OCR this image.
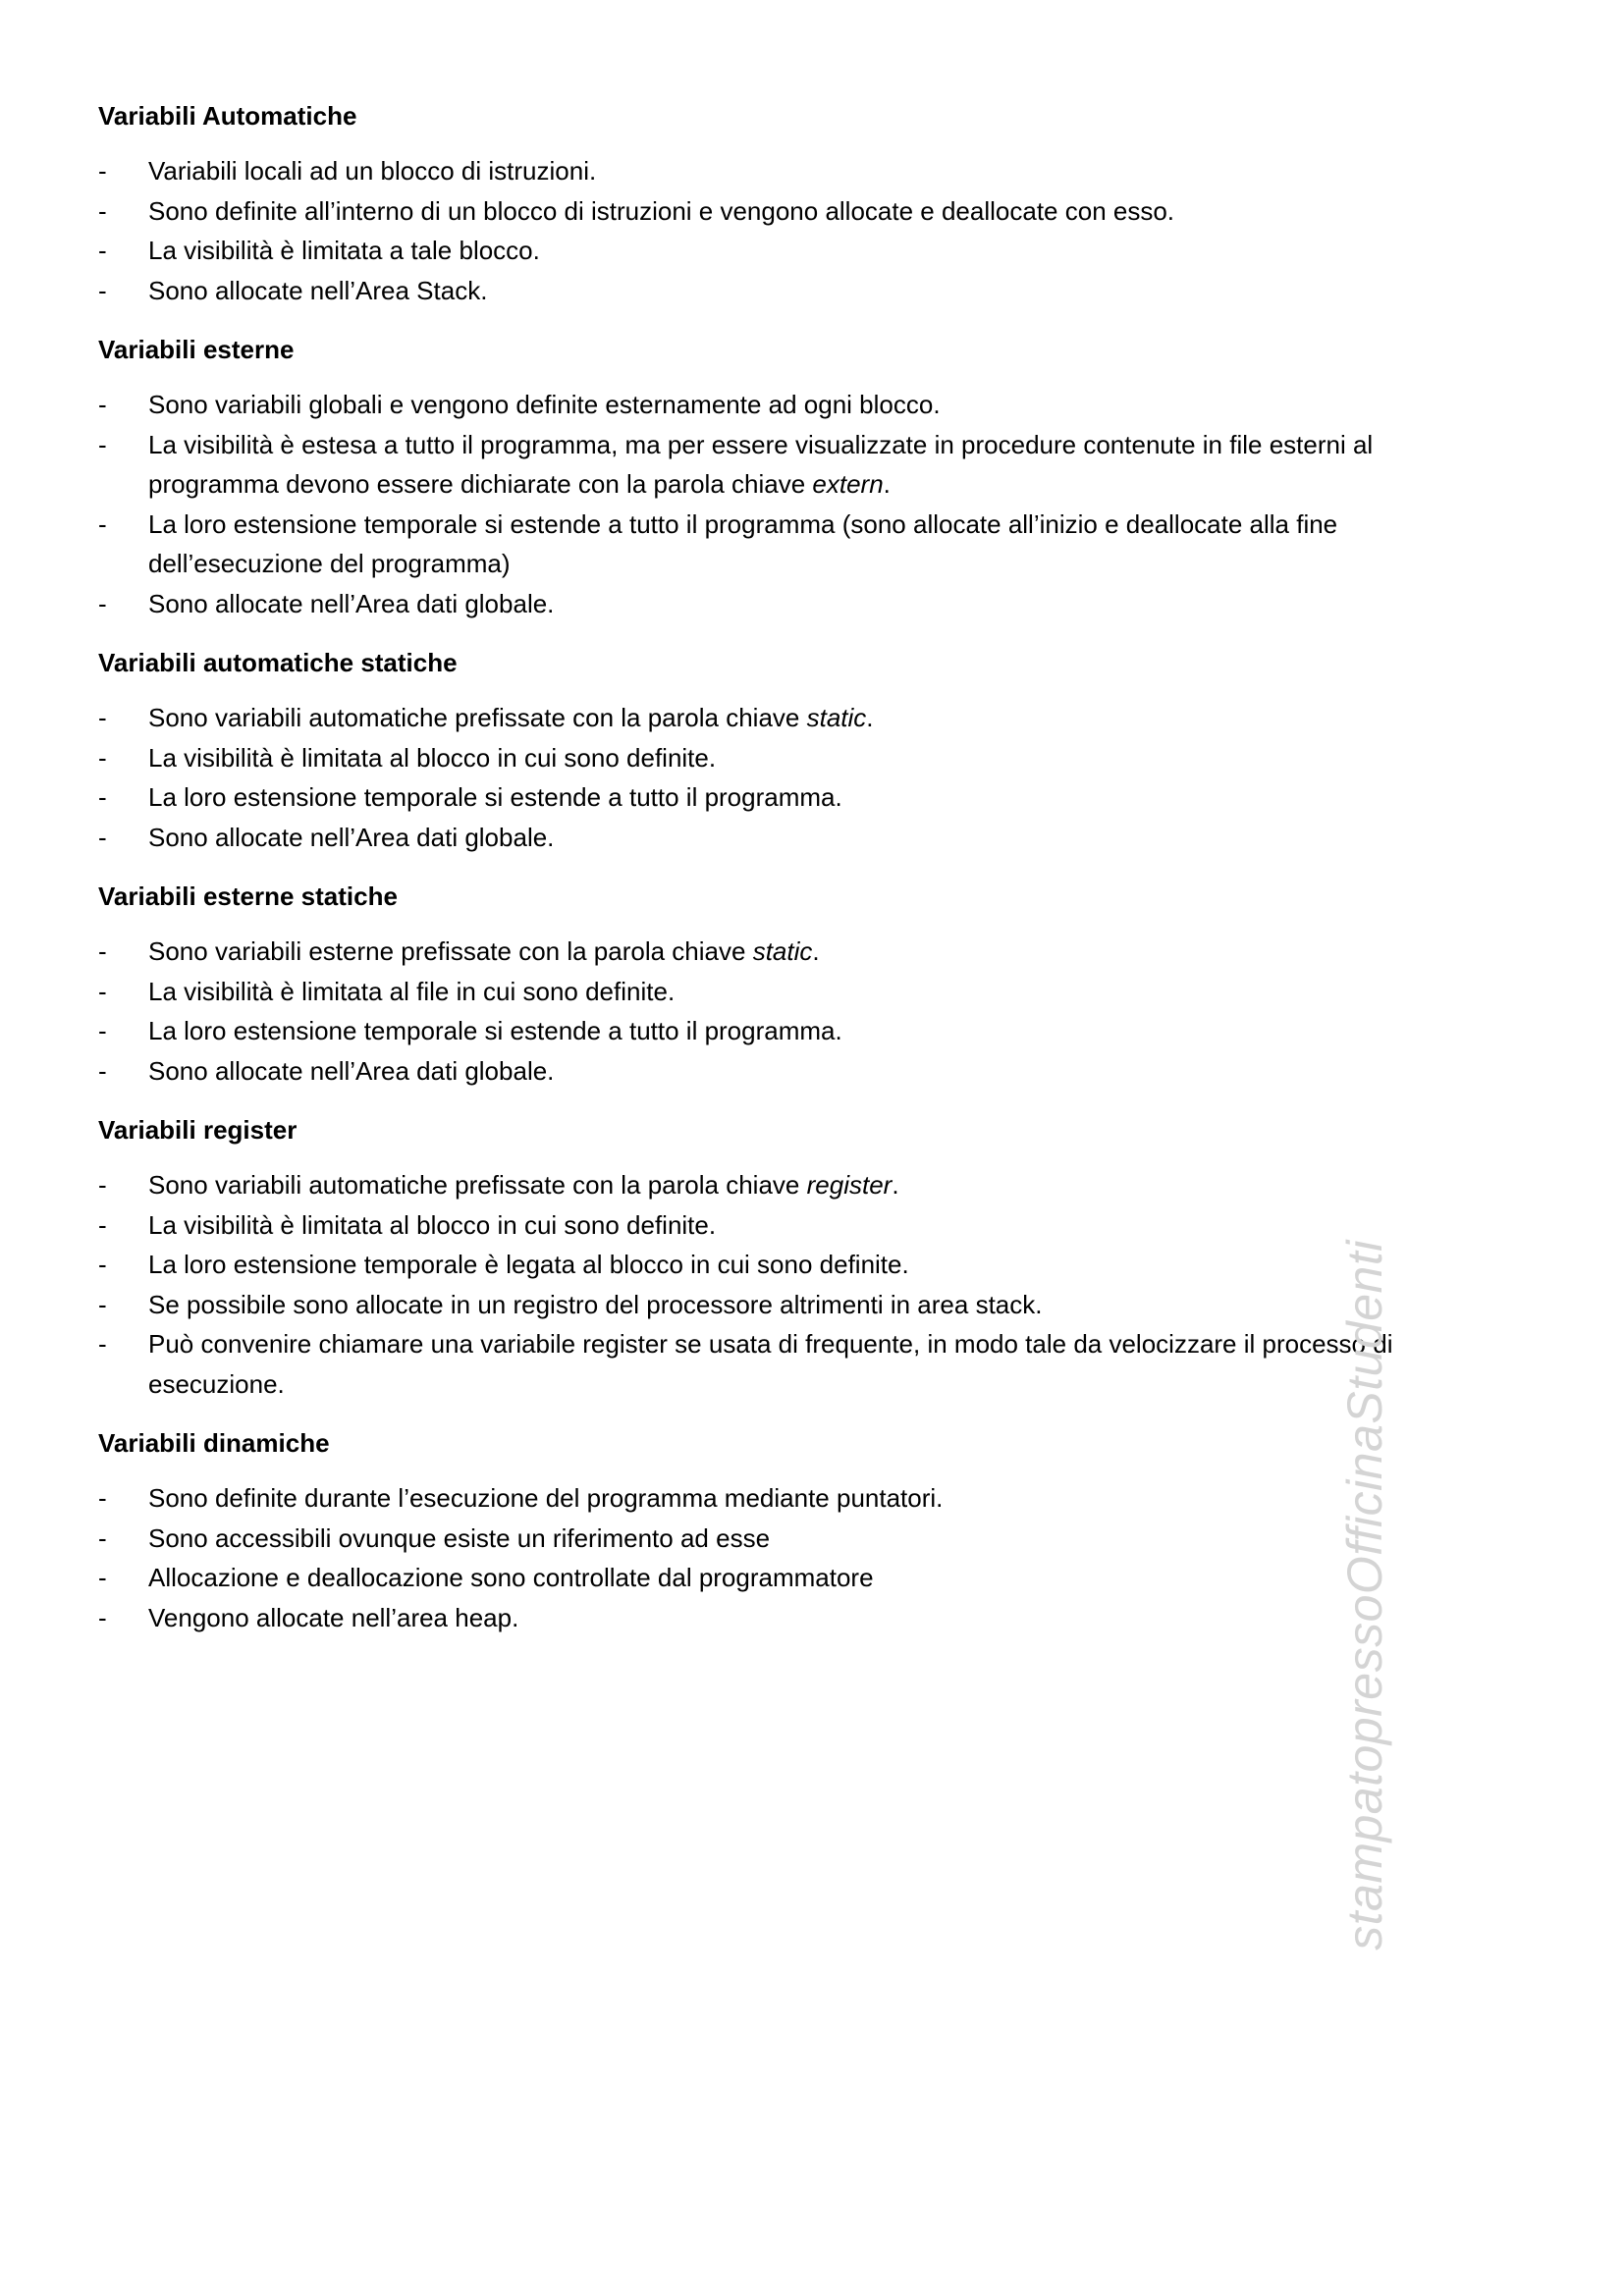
Variabili Automatiche
-	Variabili locali ad un blocco di istruzioni.
-	Sono definite all’interno di un blocco di istruzioni e vengono allocate e deallocate con esso.
-	La visibilità è limitata a tale blocco.
-	Sono allocate nell’Area Stack.
Variabili esterne
-	Sono variabili globali e vengono definite esternamente ad ogni blocco.
-	La visibilità è estesa a tutto il programma, ma per essere visualizzate in procedure contenute in file esterni al programma devono essere dichiarate con la parola chiave extern.
-	La loro estensione temporale si estende a tutto il programma (sono allocate all’inizio e deallocate alla fine dell’esecuzione del programma)
-	Sono allocate nell’Area dati globale.
Variabili automatiche statiche
-	Sono variabili automatiche prefissate con la parola chiave static.
-	La visibilità è limitata al blocco in cui sono definite.
-	La loro estensione temporale si estende a tutto il programma.
-	Sono allocate nell’Area dati globale.
Variabili esterne statiche
-	Sono variabili esterne prefissate con la parola chiave static.
-	La visibilità è limitata al file in cui sono definite.
-	La loro estensione temporale si estende a tutto il programma.
-	Sono allocate nell’Area dati globale.
Variabili register
-	Sono variabili automatiche prefissate con la parola chiave register.
-	La visibilità è limitata al blocco in cui sono definite.
-	La loro estensione temporale è legata al blocco in cui sono definite.
-	Se possibile sono allocate in un registro del processore altrimenti in area stack.
-	Può convenire chiamare una variabile register se usata di frequente, in modo tale da velocizzare il processo di esecuzione.
Variabili dinamiche
-	Sono definite durante l’esecuzione del programma mediante puntatori.
-	Sono accessibili ovunque esiste un riferimento ad esse
-	Allocazione e deallocazione sono controllate dal programmatore
-	Vengono allocate nell’area heap.	stampatopressoOfficinaStudenti
